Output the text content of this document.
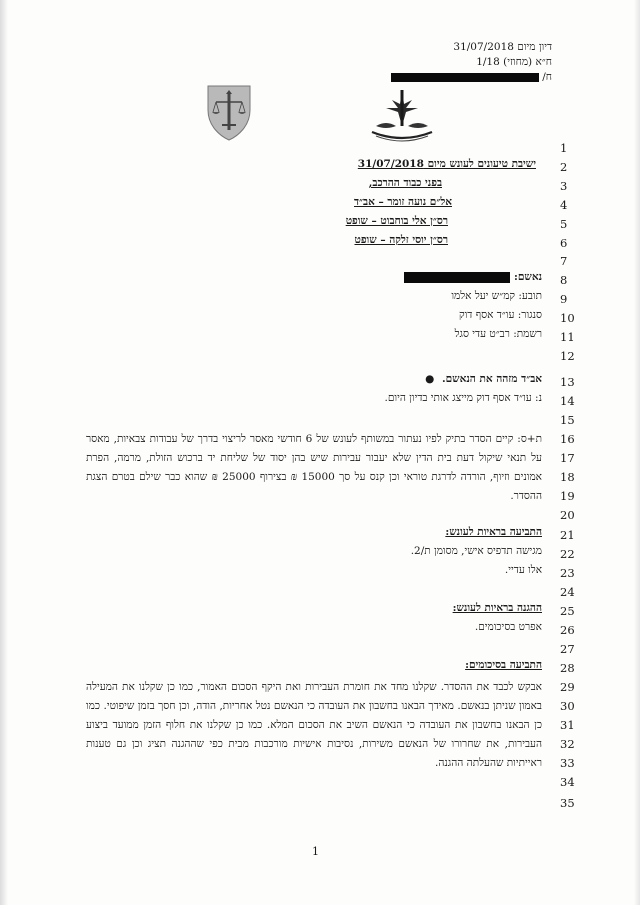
דיון מיום 31/07/2018
ח״א (מחוזי) 1/18
ח/
1
2
3
4
5
6
7
8
9
10
11
12
13
14
15
16
17
18
19
20
21
22
23
24
25
26
27
28
29
30
31
32
33
34
35
ישיבת טיעונים לעונש מיום 31/07/2018
בפני כבוד ההרכב,
אל״ם נועה זומר – אב״ד
רס״ן אלי בוחבוט – שופט
רס״ן יוסי זלקה – שופט
נאשם:
תובע: קמ״ש יעל אלמו
סנגור: עו״ד אסף דוק
רשמת: רב״ט עדי סגל
אב״ד מזהה את הנאשם. ●
נ: עו״ד אסף דוק מייצג אותי בדיון היום.
ת+ס: קיים הסדר בתיק לפיו נעתור במשותף לעונש של 6 חודשי מאסר לריצוי בדרך של עבודות צבאיות, מאסר על תנאי שיקול דעת בית הדין שלא יעבור עבירות שיש בהן יסוד של שליחת יד ברכוש הזולת, מרמה, הפרת אמונים וזיוף, הורדה לדרגת טוראי וכן קנס על סך 15000 ₪ בצירוף 25000 ₪ שהוא כבר שילם בטרם הצגת ההסדר.
התביעה בראיות לעונש:
מגישה תדפיס אישי, מסומן ת/2.
אלו עדיי.
ההגנה בראיות לעונש:
אפרט בסיכומים.
התביעה בסיכומים:
אבקש לכבד את ההסדר. שקלנו מחד את חומרת העבירות ואת היקף הסכום האמור, כמו כן שקלנו את המעילה באמון שניתן בנאשם. מאידך הבאנו בחשבון את העובדה כי הנאשם נטל אחריות, הודה, וכן חסך בזמן שיפוטי. כמו כן הבאנו בחשבון את העובדה כי הנאשם השיב את הסכום המלא. כמו כן שקלנו את חלוף הזמן ממועד ביצוע העבירות, את שחרורו של הנאשם משירות, נסיבות אישיות מורכבות מבית כפי שההגנה תציג וכן גם טענות ראייתיות שהעלתה ההגנה.
1
